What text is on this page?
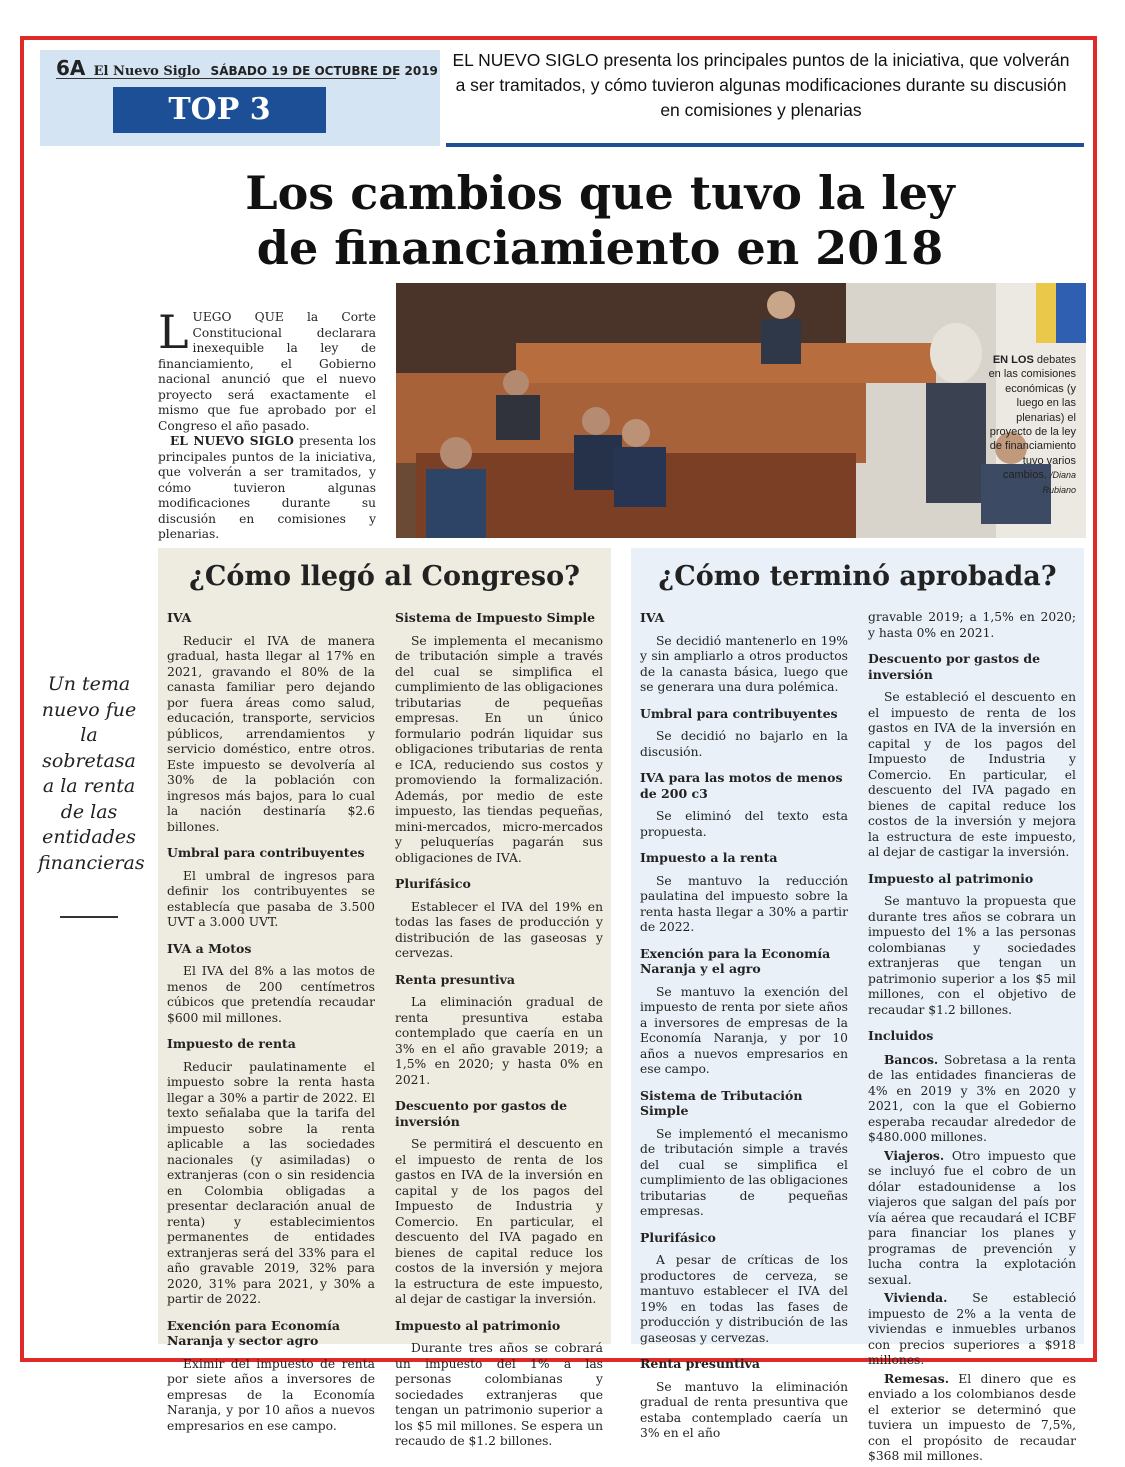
6A El Nuevo Siglo SÁBADO 19 DE OCTUBRE DE 2019
TOP 3
EL NUEVO SIGLO presenta los principales puntos de la iniciativa, que volverán a ser tramitados, y cómo tuvieron algunas modificaciones durante su discusión en comisiones y plenarias
Los cambios que tuvo la ley
de financiamiento en 2018

LUEGO QUE la Corte Constitucional declarara inexequible la ley de financiamiento, el Gobierno nacional anunció que el nuevo proyecto será exactamente el mismo que fue aprobado por el Congreso el año pasado.

EL NUEVO SIGLO presenta los principales puntos de la iniciativa, que volverán a ser tramitados, y cómo tuvieron algunas modificaciones durante su discusión en comisiones y plenarias.

EN LOS debates en las comisiones económicas (y luego en las plenarias) el proyecto de la ley de financiamiento tuvo varios cambios. /Diana Rubiano
Un tema nuevo fue la sobretasa a la renta de las entidades financieras
¿Cómo llegó al Congreso?
IVA

Reducir el IVA de manera gradual, hasta llegar al 17% en 2021, gravando el 80% de la canasta familiar pero dejando por fuera áreas como salud, educación, transporte, servicios públicos, arrendamientos y servicio doméstico, entre otros. Este impuesto se devolvería al 30% de la población con ingresos más bajos, para lo cual la nación destinaría $2.6 billones.

Umbral para contribuyentes

El umbral de ingresos para definir los contribuyentes se establecía que pasaba de 3.500 UVT a 3.000 UVT.

IVA a Motos

El IVA del 8% a las motos de menos de 200 centímetros cúbicos que pretendía recaudar $600 mil millones.

Impuesto de renta

Reducir paulatinamente el impuesto sobre la renta hasta llegar a 30% a partir de 2022. El texto señalaba que la tarifa del impuesto sobre la renta aplicable a las sociedades nacionales (y asimiladas) o extranjeras (con o sin residencia en Colombia obligadas a presentar declaración anual de renta) y establecimientos permanentes de entidades extranjeras será del 33% para el año gravable 2019, 32% para 2020, 31% para 2021, y 30% a partir de 2022.

Exención para Economía Naranja y sector agro

Eximir del impuesto de renta por siete años a inversores de empresas de la Economía Naranja, y por 10 años a nuevos empresarios en ese campo.

Sistema de Impuesto Simple

Se implementa el mecanismo de tributación simple a través del cual se simplifica el cumplimiento de las obligaciones tributarias de pequeñas empresas. En un único formulario podrán liquidar sus obligaciones tributarias de renta e ICA, reduciendo sus costos y promoviendo la formalización. Además, por medio de este impuesto, las tiendas pequeñas, mini-mercados, micro-mercados y peluquerías pagarán sus obligaciones de IVA.

Plurifásico

Establecer el IVA del 19% en todas las fases de producción y distribución de las gaseosas y cervezas.

Renta presuntiva

La eliminación gradual de renta presuntiva estaba contemplado que caería en un 3% en el año gravable 2019; a 1,5% en 2020; y hasta 0% en 2021.

Descuento por gastos de inversión

Se permitirá el descuento en el impuesto de renta de los gastos en IVA de la inversión en capital y de los pagos del Impuesto de Industria y Comercio. En particular, el descuento del IVA pagado en bienes de capital reduce los costos de la inversión y mejora la estructura de este impuesto, al dejar de castigar la inversión.

Impuesto al patrimonio

Durante tres años se cobrará un impuesto del 1% a las personas colombianas y sociedades extranjeras que tengan un patrimonio superior a los $5 mil millones. Se espera un recaudo de $1.2 billones.

¿Cómo terminó aprobada?
IVA

Se decidió mantenerlo en 19% y sin ampliarlo a otros productos de la canasta básica, luego que se generara una dura polémica.

Umbral para contribuyentes

Se decidió no bajarlo en la discusión.

IVA para las motos de menos de 200 c3

Se eliminó del texto esta propuesta.

Impuesto a la renta

Se mantuvo la reducción paulatina del impuesto sobre la renta hasta llegar a 30% a partir de 2022.

Exención para la Economía Naranja y el agro

Se mantuvo la exención del impuesto de renta por siete años a inversores de empresas de la Economía Naranja, y por 10 años a nuevos empresarios en ese campo.

Sistema de Tributación Simple

Se implementó el mecanismo de tributación simple a través del cual se simplifica el cumplimiento de las obligaciones tributarias de pequeñas empresas.

Plurifásico

A pesar de críticas de los productores de cerveza, se mantuvo establecer el IVA del 19% en todas las fases de producción y distribución de las gaseosas y cervezas.

Renta presuntiva

Se mantuvo la eliminación gradual de renta presuntiva que estaba contemplado caería un 3% en el año

gravable 2019; a 1,5% en 2020; y hasta 0% en 2021.

Descuento por gastos de inversión

Se estableció el descuento en el impuesto de renta de los gastos en IVA de la inversión en capital y de los pagos del Impuesto de Industria y Comercio. En particular, el descuento del IVA pagado en bienes de capital reduce los costos de la inversión y mejora la estructura de este impuesto, al dejar de castigar la inversión.

Impuesto al patrimonio

Se mantuvo la propuesta que durante tres años se cobrara un impuesto del 1% a las personas colombianas y sociedades extranjeras que tengan un patrimonio superior a los $5 mil millones, con el objetivo de recaudar $1.2 billones.

Incluidos

Bancos. Sobretasa a la renta de las entidades financieras de 4% en 2019 y 3% en 2020 y 2021, con la que el Gobierno esperaba recaudar alrededor de $480.000 millones.

Viajeros. Otro impuesto que se incluyó fue el cobro de un dólar estadounidense a los viajeros que salgan del país por vía aérea que recaudará el ICBF para financiar los planes y programas de prevención y lucha contra la explotación sexual.

Vivienda. Se estableció impuesto de 2% a la venta de viviendas e inmuebles urbanos con precios superiores a $918 millones.

Remesas. El dinero que es enviado a los colombianos desde el exterior se determinó que tuviera un impuesto de 7,5%, con el propósito de recaudar $368 mil millones.
